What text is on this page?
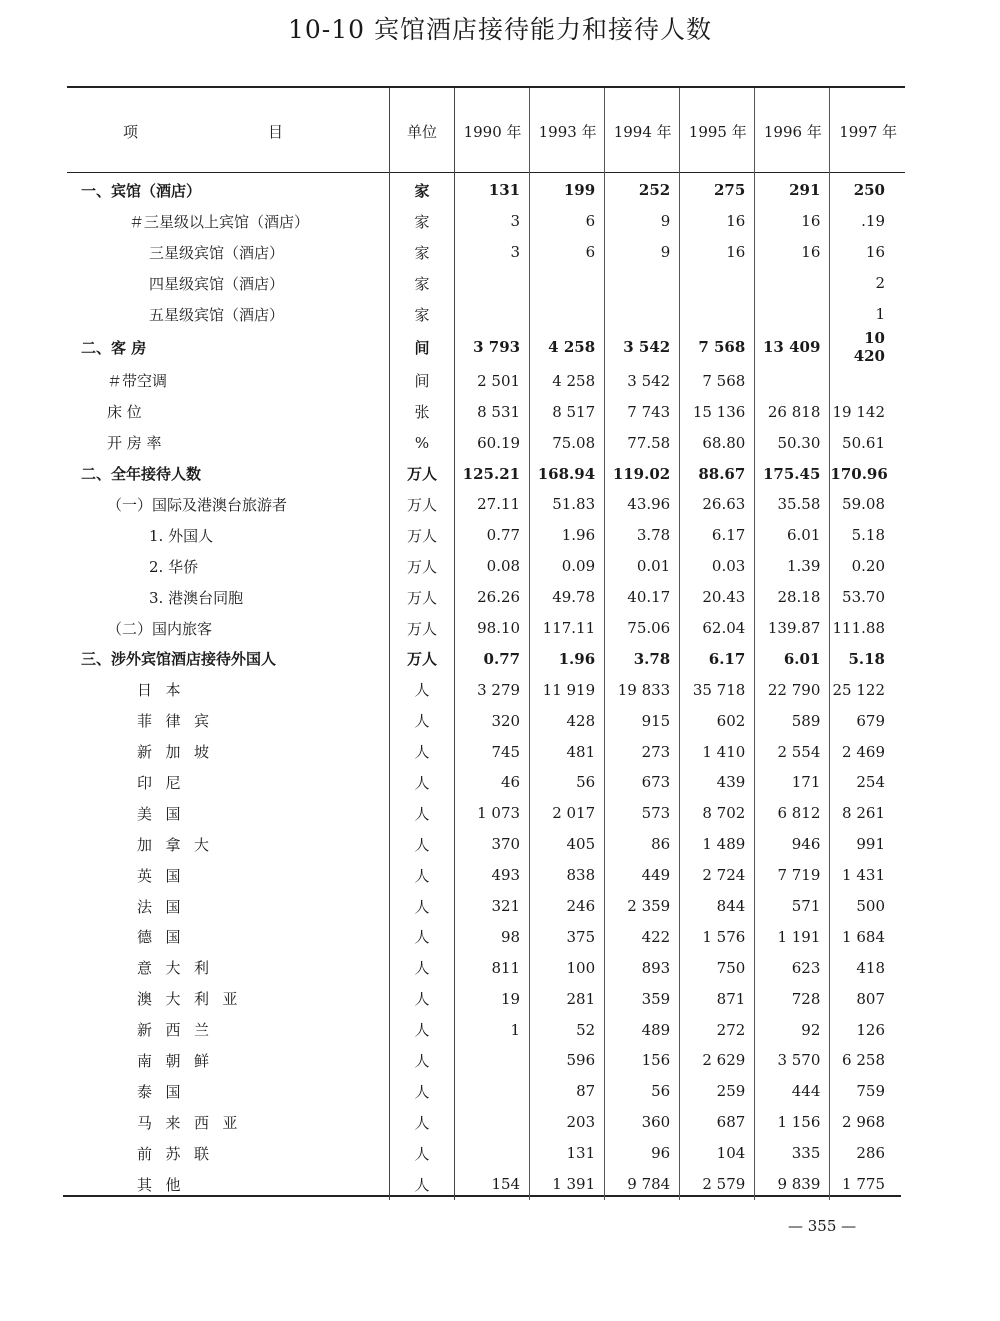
10-10 宾馆酒店接待能力和接待人数
项 目	单位	1990 年	1993 年	1994 年	1995 年	1996 年	1997 年
一、宾馆（酒店）	家	131	199	252	275	291	250
＃三星级以上宾馆（酒店）	家	3	6	9	16	16	.19
三星级宾馆（酒店）	家	3	6	9	16	16	16
四星级宾馆（酒店）	家						2
五星级宾馆（酒店）	家						1
二、客 房	间	3 793	4 258	3 542	7 568	13 409	10 420
＃带空调	间	2 501	4 258	3 542	7 568		
床 位	张	8 531	8 517	7 743	15 136	26 818	19 142
开 房 率	%	60.19	75.08	77.58	68.80	50.30	50.61
二、全年接待人数	万人	125.21	168.94	119.02	88.67	175.45	170.96
（一）国际及港澳台旅游者	万人	27.11	51.83	43.96	26.63	35.58	59.08
1. 外国人	万人	0.77	1.96	3.78	6.17	6.01	5.18
2. 华侨	万人	0.08	0.09	0.01	0.03	1.39	0.20
3. 港澳台同胞	万人	26.26	49.78	40.17	20.43	28.18	53.70
（二）国内旅客	万人	98.10	117.11	75.06	62.04	139.87	111.88
三、涉外宾馆酒店接待外国人	万人	0.77	1.96	3.78	6.17	6.01	5.18
日本	人	3 279	11 919	19 833	35 718	22 790	25 122
菲律宾	人	320	428	915	602	589	679
新加坡	人	745	481	273	1 410	2 554	2 469
印尼	人	46	56	673	439	171	254
美国	人	1 073	2 017	573	8 702	6 812	8 261
加拿大	人	370	405	86	1 489	946	991
英国	人	493	838	449	2 724	7 719	1 431
法国	人	321	246	2 359	844	571	500
德国	人	98	375	422	1 576	1 191	1 684
意大利	人	811	100	893	750	623	418
澳大利亚	人	19	281	359	871	728	807
新西兰	人	1	52	489	272	92	126
南朝鲜	人		596	156	2 629	3 570	6 258
泰国	人		87	56	259	444	759
马来西亚	人		203	360	687	1 156	2 968
前苏联	人		131	96	104	335	286
其他	人	154	1 391	9 784	2 579	9 839	1 775
— 355 —
